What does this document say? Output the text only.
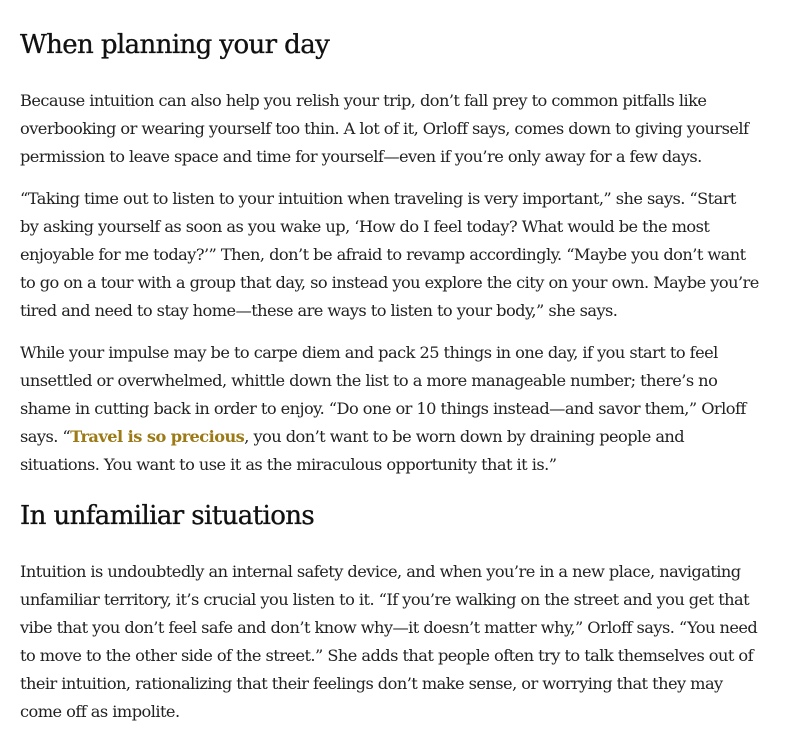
When planning your day

Because intuition can also help you relish your trip, don’t fall prey to common pitfalls like
overbooking or wearing yourself too thin. A lot of it, Orloff says, comes down to giving yourself
permission to leave space and time for yourself—even if you’re only away for a few days.

“Taking time out to listen to your intuition when traveling is very important,” she says. “Start
by asking yourself as soon as you wake up, ‘How do I feel today? What would be the most
enjoyable for me today?’” Then, don’t be afraid to revamp accordingly. “Maybe you don’t want
to go on a tour with a group that day, so instead you explore the city on your own. Maybe you’re
tired and need to stay home—these are ways to listen to your body,” she says.

While your impulse may be to carpe diem and pack 25 things in one day, if you start to feel
unsettled or overwhelmed, whittle down the list to a more manageable number; there’s no
shame in cutting back in order to enjoy. “Do one or 10 things instead—and savor them,” Orloff
says. “Travel is so precious, you don’t want to be worn down by draining people and
situations. You want to use it as the miraculous opportunity that it is.”

In unfamiliar situations

Intuition is undoubtedly an internal safety device, and when you’re in a new place, navigating
unfamiliar territory, it’s crucial you listen to it. “If you’re walking on the street and you get that
vibe that you don’t feel safe and don’t know why—it doesn’t matter why,” Orloff says. “You need
to move to the other side of the street.” She adds that people often try to talk themselves out of
their intuition, rationalizing that their feelings don’t make sense, or worrying that they may
come off as impolite.
